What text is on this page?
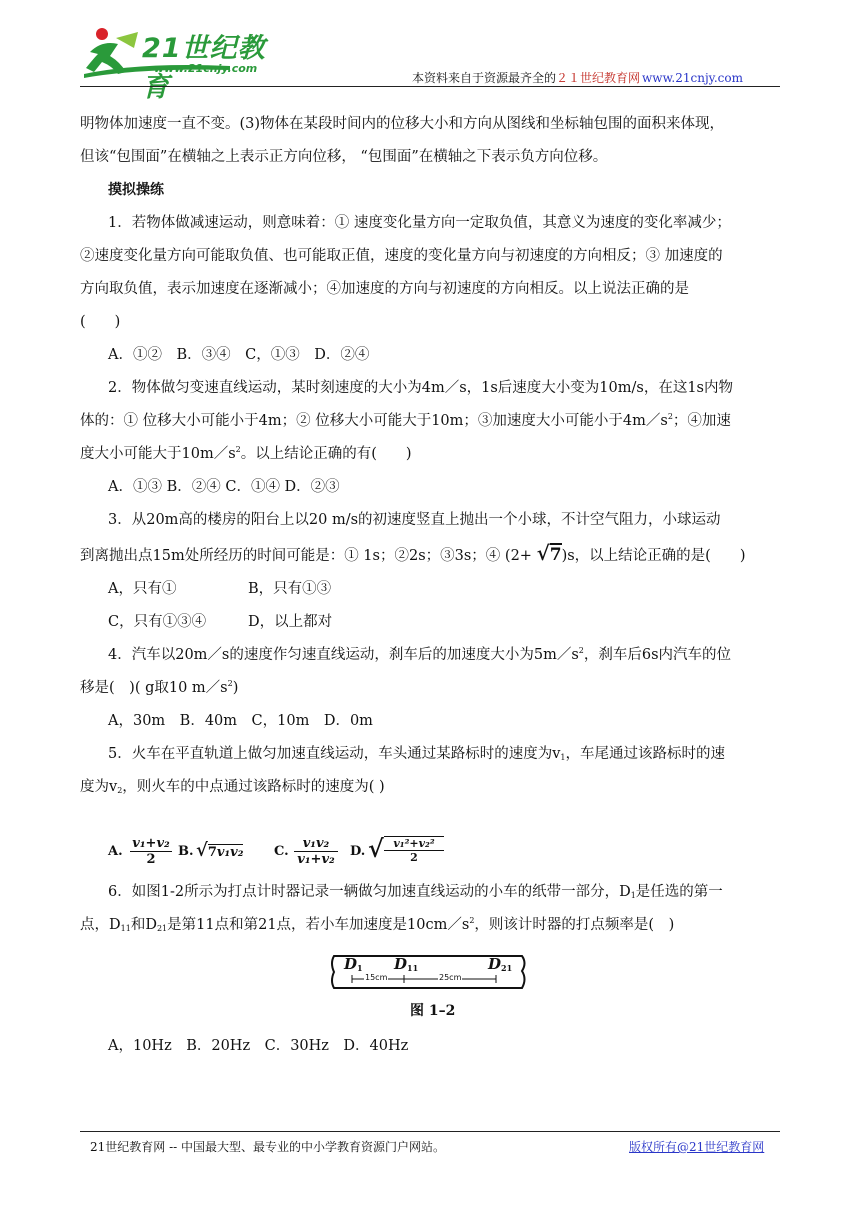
21世纪教育
www.21cnjy.com
本资料来自于资源最齐全的２１世纪教育网 www.21cnjy.com

明物体加速度一直不变。(3)物体在某段时间内的位移大小和方向从图线和坐标轴包围的面积来体现，

但该“包围面”在横轴之上表示正方向位移， “包围面”在横轴之下表示负方向位移。

摸拟操练

1．若物体做减速运动，则意味着：① 速度变化量方向一定取负值，其意义为速度的变化率减少；

②速度变化量方向可能取负值、也可能取正值，速度的变化量方向与初速度的方向相反；③ 加速度的

方向取负值，表示加速度在逐渐减小；④加速度的方向与初速度的方向相反。以上说法正确的是

(　　)

A．①②　B．③④　C，①③　D．②④

2．物体做匀变速直线运动，某时刻速度的大小为4m／s，1s后速度大小变为10m/s，在这1s内物

体的：① 位移大小可能小于4m；② 位移大小可能大于10m；③加速度大小可能小于$4m/s^2$；④加速

度大小可能大于$10m/s^2$。以上结论正确的有(　　)

A．①③ B．②④ C．①④ D．②③

3．从20m高的楼房的阳台上以20 m/s的初速度竖直上抛出一个小球，不计空气阻力，小球运动

到离抛出点15m处所经历的时间可能是：① 1s；②2s；③3s；④ (2+ √7)s，以上结论正确的是(　　)

A，只有①	B，只有①③

C，只有①③④	D，以上都对

4．汽车以20m／s的速度作匀速直线运动，刹车后的加速度大小为$5m/s^2$，刹车后6s内汽车的位

移是(　)( g取10 $m/s^2$)

A，30m　B．40m　C，10m　D．0m

5．火车在平直轨道上做匀加速直线运动，车头通过某路标时的速度为$v_1$，车尾通过该路标时的速

度为$v_2$，则火车的中点通过该路标时的速度为( )

A.
v₁+v₂
2
B. √7v₁v₂ C.
v₁v₂
v₁+v₂
D. √ v₁²+v₂²
2

6．如图1-2所示为打点计时器记录一辆做匀加速直线运动的小车的纸带一部分，$D_1$是任选的第一

点，$D_{11}$和$D_{21}$是第11点和第21点，若小车加速度是$10cm/s^2$，则该计时器的打点频率是(　)

$D_1$ $D_{11}$	$D_{21}$
15cm	25cm
图 1–2

A，10Hz　B．20Hz　C．30Hz　D．40Hz

21世纪教育网 -- 中国最大型、最专业的中小学教育资源门户网站。	版权所有@21世纪教育网
